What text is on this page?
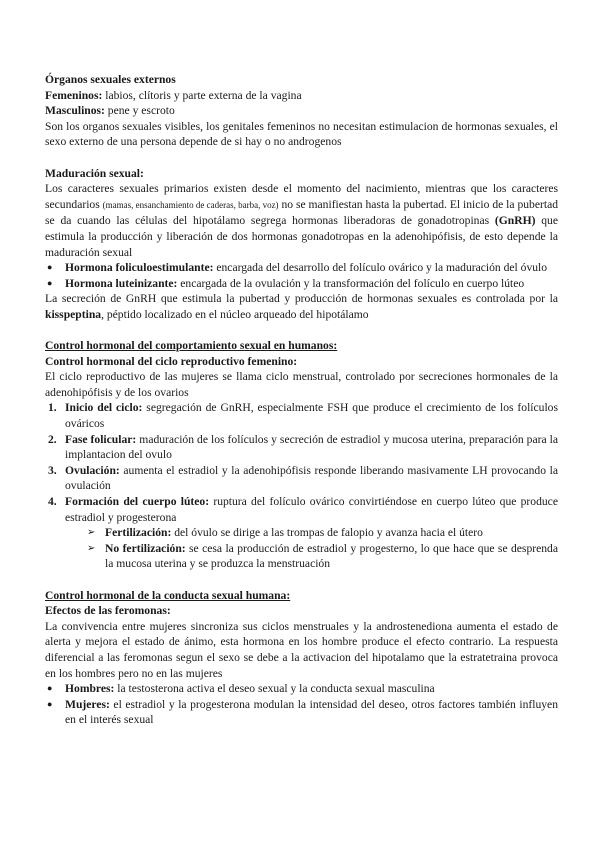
Órganos sexuales externos

Femeninos: labios, clítoris y parte externa de la vagina

Masculinos: pene y escroto

Son los organos sexuales visibles, los genitales femeninos no necesitan estimulacion de hormonas sexuales, el sexo externo de una persona depende de si hay o no androgenos

Maduración sexual:

Los caracteres sexuales primarios existen desde el momento del nacimiento, mientras que los caracteres secundarios (mamas, ensanchamiento de caderas, barba, voz) no se manifiestan hasta la pubertad. El inicio de la pubertad se da cuando las células del hipotálamo segrega hormonas liberadoras de gonadotropinas (GnRH) que estimula la producción y liberación de dos hormonas gonadotropas en la adenohipófisis, de esto depende la maduración sexual

● Hormona foliculoestimulante: encargada del desarrollo del folículo ovárico y la maduración del óvulo
● Hormona luteinizante: encargada de la ovulación y la transformación del folículo en cuerpo lúteo

La secreción de GnRH que estimula la pubertad y producción de hormonas sexuales es controlada por la kisspeptina, péptido localizado en el núcleo arqueado del hipotálamo

Control hormonal del comportamiento sexual en humanos:

Control hormonal del ciclo reproductivo femenino:

El ciclo reproductivo de las mujeres se llama ciclo menstrual, controlado por secreciones hormonales de la adenohipófisis y de los ovarios

1. Inicio del ciclo: segregación de GnRH, especialmente FSH que produce el crecimiento de los folículos ováricos
2. Fase folicular: maduración de los folículos y secreción de estradiol y mucosa uterina, preparación para la implantacion del ovulo
3. Ovulación: aumenta el estradiol y la adenohipófisis responde liberando masivamente LH provocando la ovulación
4. Formación del cuerpo lúteo: ruptura del folículo ovárico convirtiéndose en cuerpo lúteo que produce estradiol y progesterona
➢ Fertilización: del óvulo se dirige a las trompas de falopio y avanza hacia el útero
➢ No fertilización: se cesa la producción de estradiol y progesterno, lo que hace que se desprenda la mucosa uterina y se produzca la menstruación

Control hormonal de la conducta sexual humana:

Efectos de las feromonas:

La convivencia entre mujeres sincroniza sus ciclos menstruales y la androstenediona aumenta el estado de alerta y mejora el estado de ánimo, esta hormona en los hombre produce el efecto contrario. La respuesta diferencial a las feromonas segun el sexo se debe a la activacion del hipotalamo que la estratetraina provoca en los hombres pero no en las mujeres

● Hombres: la testosterona activa el deseo sexual y la conducta sexual masculina
● Mujeres: el estradiol y la progesterona modulan la intensidad del deseo, otros factores también influyen en el interés sexual
